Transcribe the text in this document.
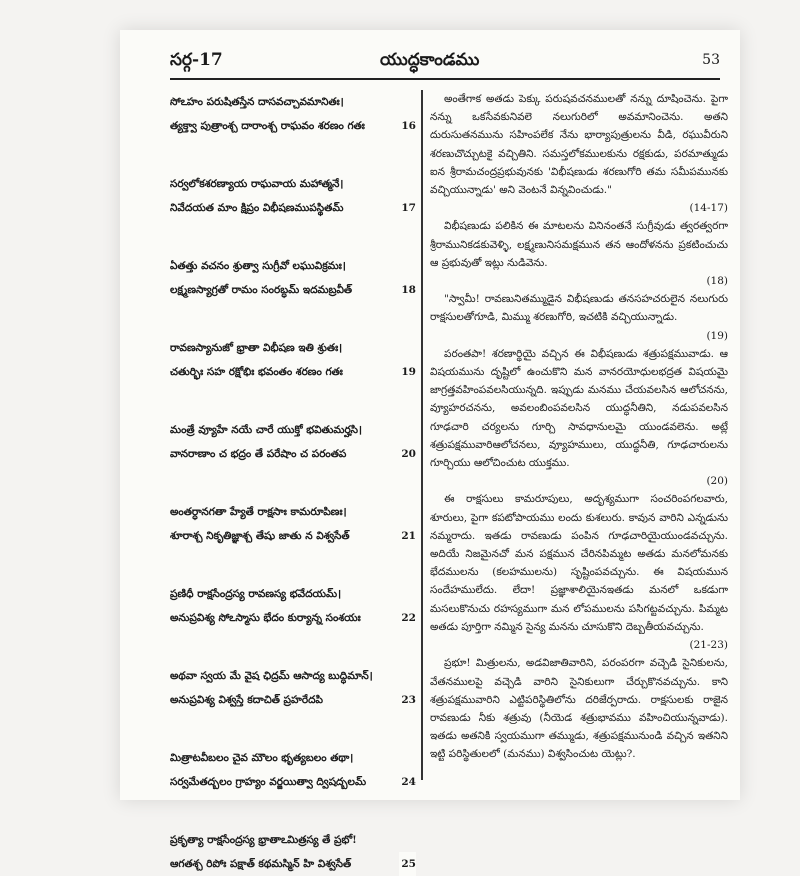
సర్గ-17	యుద్ధకాండము	53
సోఽహం పరుషితస్తేన దాసవచ్చావమానితః।
త్యక్త్వా పుత్రాంశ్చ దారాంశ్చ రాఘవం శరణం గతః	16
సర్వలోకశరణ్యాయ రాఘవాయ మహాత్మనే।
నివేదయత మాం క్షిప్రం విభీషణముపస్థితమ్	17
ఏతత్తు వచనం శ్రుత్వా సుగ్రీవో లఘువిక్రమః।
లక్ష్మణస్యాగ్రతో రామం సంరబ్ధమ్ ఇదమబ్రవీత్	18
రావణస్యానుజో భ్రాతా విభీషణ ఇతి శ్రుతః।
చతుర్భిః సహ రక్షోభిః భవంతం శరణం గతః	19
మంత్రే వ్యూహే నయే చారే యుక్తో భవితుమర్హసి।
వానరాణాం చ భద్రం తే పరేషాం చ పరంతప	20
అంతర్ధానగతా హ్యేతే రాక్షసాః కామరూపిణః।
శూరాశ్చ నికృతిజ్ఞాశ్చ తేషు జాతు న విశ్వసేత్	21
ప్రణిధీ రాక్షసేంద్రస్య రావణస్య భవేదయమ్।
అనుప్రవిశ్య సోఽస్మాసు భేదం కుర్యాన్న సంశయః	22
అథవా స్వయ మే వైష ఛిద్రమ్ ఆసాద్య బుద్ధిమాన్।
అనుప్రవిశ్య విశ్వస్తే కదాచిత్ ప్రహరేదపి	23
మిత్రాటవీబలం చైవ మౌలం భృత్యబలం తథా।
సర్వమేతద్బలం గ్రాహ్యం వర్జయిత్వా ద్విషద్బలమ్	24
ప్రకృత్యా రాక్షసేంద్రస్య భ్రాతాఽమిత్రస్య తే ప్రభో!
ఆగతశ్చ రిపోః పక్షాత్ కథమస్మిన్ హి విశ్వసేత్	25

అంతేగాక అతడు పెక్కు పరుషవచనములతో నన్ను దూషించెను. పైగా నన్ను ఒకసేవకునివలె నలుగురిలో అవమానించెను. అతని దురుసుతనమును సహింపలేక నేను భార్యాపుత్రులను వీడి, రఘువీరుని శరణుచొచ్చుటకై వచ్చితిని. సమస్తలోకములకును రక్షకుడు, పరమాత్ముడు ఐన శ్రీరామచంద్రప్రభువునకు 'విభీషణుడు శరణుగోరి తమ సమీపమునకు వచ్చియున్నాడు' అని వెంటనే విన్నవించుడు."
(14-17)

విభీషణుడు పలికిన ఈ మాటలను వినినంతనే సుగ్రీవుడు త్వరత్వరగా శ్రీరామునికడకువెళ్ళి, లక్ష్మణునిసమక్షమున తన ఆందోళనను ప్రకటించుచు ఆ ప్రభువుతో ఇట్లు నుడివెను.
(18)

"స్వామీ! రావణునితమ్ముడైన విభీషణుడు తనసహచరులైన నలుగురు రాక్షసులతోగూడి, మిమ్ము శరణుగోరి, ఇచటికి వచ్చియున్నాడు.
(19)

పరంతపా! శరణార్థియై వచ్చిన ఈ విభీషణుడు శత్రుపక్షమువాడు. ఆ విషయమును దృష్టిలో ఉంచుకొని మన వానరయోధులభద్రత విషయమై జాగ్రత్తవహింపవలసియున్నది. ఇప్పుడు మనము చేయవలసిన ఆలోచనను, వ్యూహరచనను, అవలంబింపవలసిన యుద్ధనీతిని, నడుపవలసిన గూఢచారి చర్యలను గూర్చి సావధానులమై యుండవలెను. అట్లే శత్రుపక్షమువారిఆలోచనలు, వ్యూహములు, యుద్ధనీతి, గూఢచారులను గూర్చియు ఆలోచించుట యుక్తము.
(20)

ఈ రాక్షసులు కామరూపులు, అదృశ్యముగా సంచరింపగలవారు, శూరులు, పైగా కపటోపాయము లందు కుశలురు. కావున వారిని ఎన్నడును నమ్మరాదు. ఇతడు రావణుడు పంపిన గూఢచారియైయుండవచ్చును. అదియే నిజమైనచో మన పక్షమున చేరినపిమ్మట అతడు మనలోమనకు భేదములను (కలహములను) సృష్టింపవచ్చును. ఈ విషయమున సందేహములేదు. లేదా! ప్రజ్ఞాశాలియైనఇతడు మనలో ఒకడుగా మసలుకొనుచు రహస్యముగా మన లోపములను పసిగట్టవచ్చును. పిమ్మట అతడు పూర్తిగా నమ్మిన సైన్య మనను చూసుకొని దెబ్బతీయవచ్చును.
(21-23)

ప్రభూ! మిత్రులను, అడవిజాతివారిని, పరంపరగా వచ్చెడి సైనికులను, వేతనములపై వచ్చెడి వారిని సైనికులుగా చేర్చుకొనవచ్చును. కాని శత్రుపక్షమువారిని ఎట్టిపరిస్థితిలోను దరిజేర్పరాదు. రాక్షసులకు రాజైన రావణుడు నీకు శత్రువు (నీయెడ శత్రుభావము వహించియున్నవాడు). ఇతడు అతనికి స్వయముగా తమ్ముడు, శత్రుపక్షమునుండి వచ్చిన ఇతనిని ఇట్టి పరిస్థితులలో (మనము) విశ్వసించుట యెట్లు?.
